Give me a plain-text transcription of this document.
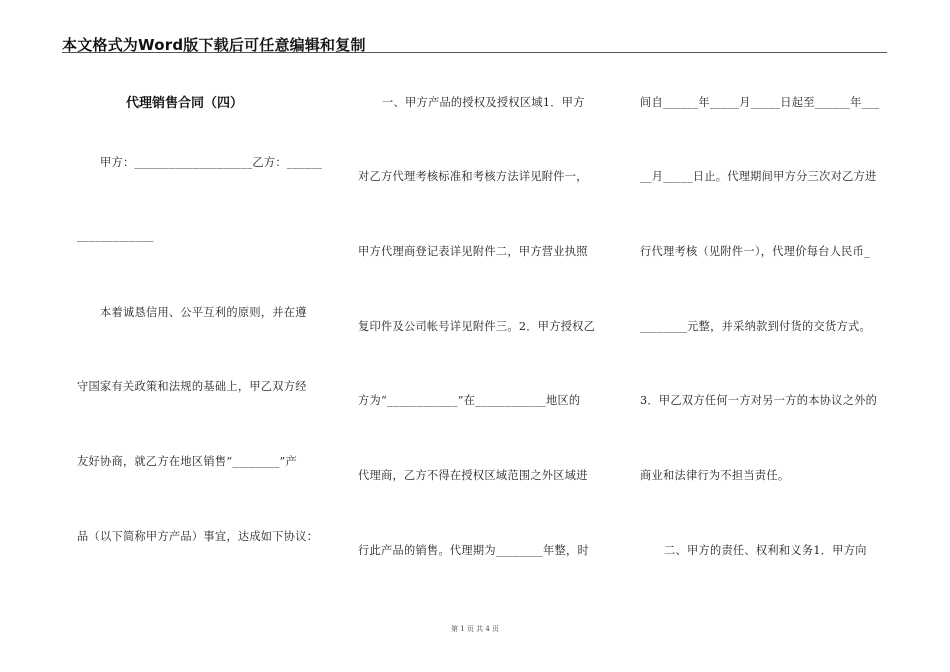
本文格式为Word版下载后可任意编辑和复制
代理销售合同（四）
甲方：____________________乙方：______
_____________
本着诚恳信用、公平互利的原则，并在遵
守国家有关政策和法规的基础上，甲乙双方经
友好协商，就乙方在地区销售“________”产
品（以下简称甲方产品）事宜，达成如下协议：
一、甲方产品的授权及授权区域1．甲方
对乙方代理考核标准和考核方法详见附件一，
甲方代理商登记表详见附件二，甲方营业执照
复印件及公司帐号详见附件三。2．甲方授权乙
方为“____________”在____________地区的
代理商，乙方不得在授权区域范围之外区域进
行此产品的销售。代理期为________年整，时
间自______年_____月_____日起至______年___
__月_____日止。代理期间甲方分三次对乙方进
行代理考核（见附件一），代理价每台人民币_
________元整，并采纳款到付货的交货方式。
3．甲乙双方任何一方对另一方的本协议之外的
商业和法律行为不担当责任。
二、甲方的责任、权利和义务1．甲方向
第 1 页 共 4 页
